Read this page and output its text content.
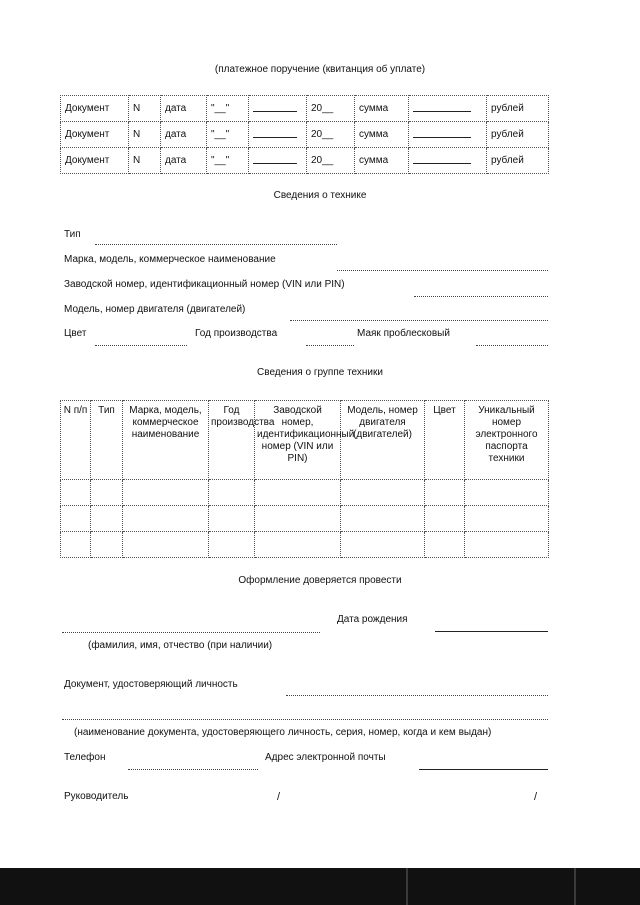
(платежное поручение (квитанция об уплате)
Документ	N	дата	"__"		20__	сумма		рублей
Документ	N	дата	"__"		20__	сумма		рублей
Документ	N	дата	"__"		20__	сумма		рублей
Сведения о технике
Тип
Марка, модель, коммерческое наименование
Заводской номер, идентификационный номер (VIN или PIN)
Модель, номер двигателя (двигателей)
Цвет	Год производства	Маяк проблесковый
Сведения о группе техники
N п/п	Тип	Марка, модель, коммерческое наименование	Год производства	Заводской номер, идентификационный номер (VIN или PIN)	Модель, номер двигателя (двигателей)	Цвет	Уникальный номер электронного паспорта техники

Оформление доверяется провести
Дата рождения
(фамилия, имя, отчество (при наличии)
Документ, удостоверяющий личность
(наименование документа, удостоверяющего личность, серия, номер, когда и кем выдан)
Телефон	Адрес электронной почты
Руководитель	/	/
